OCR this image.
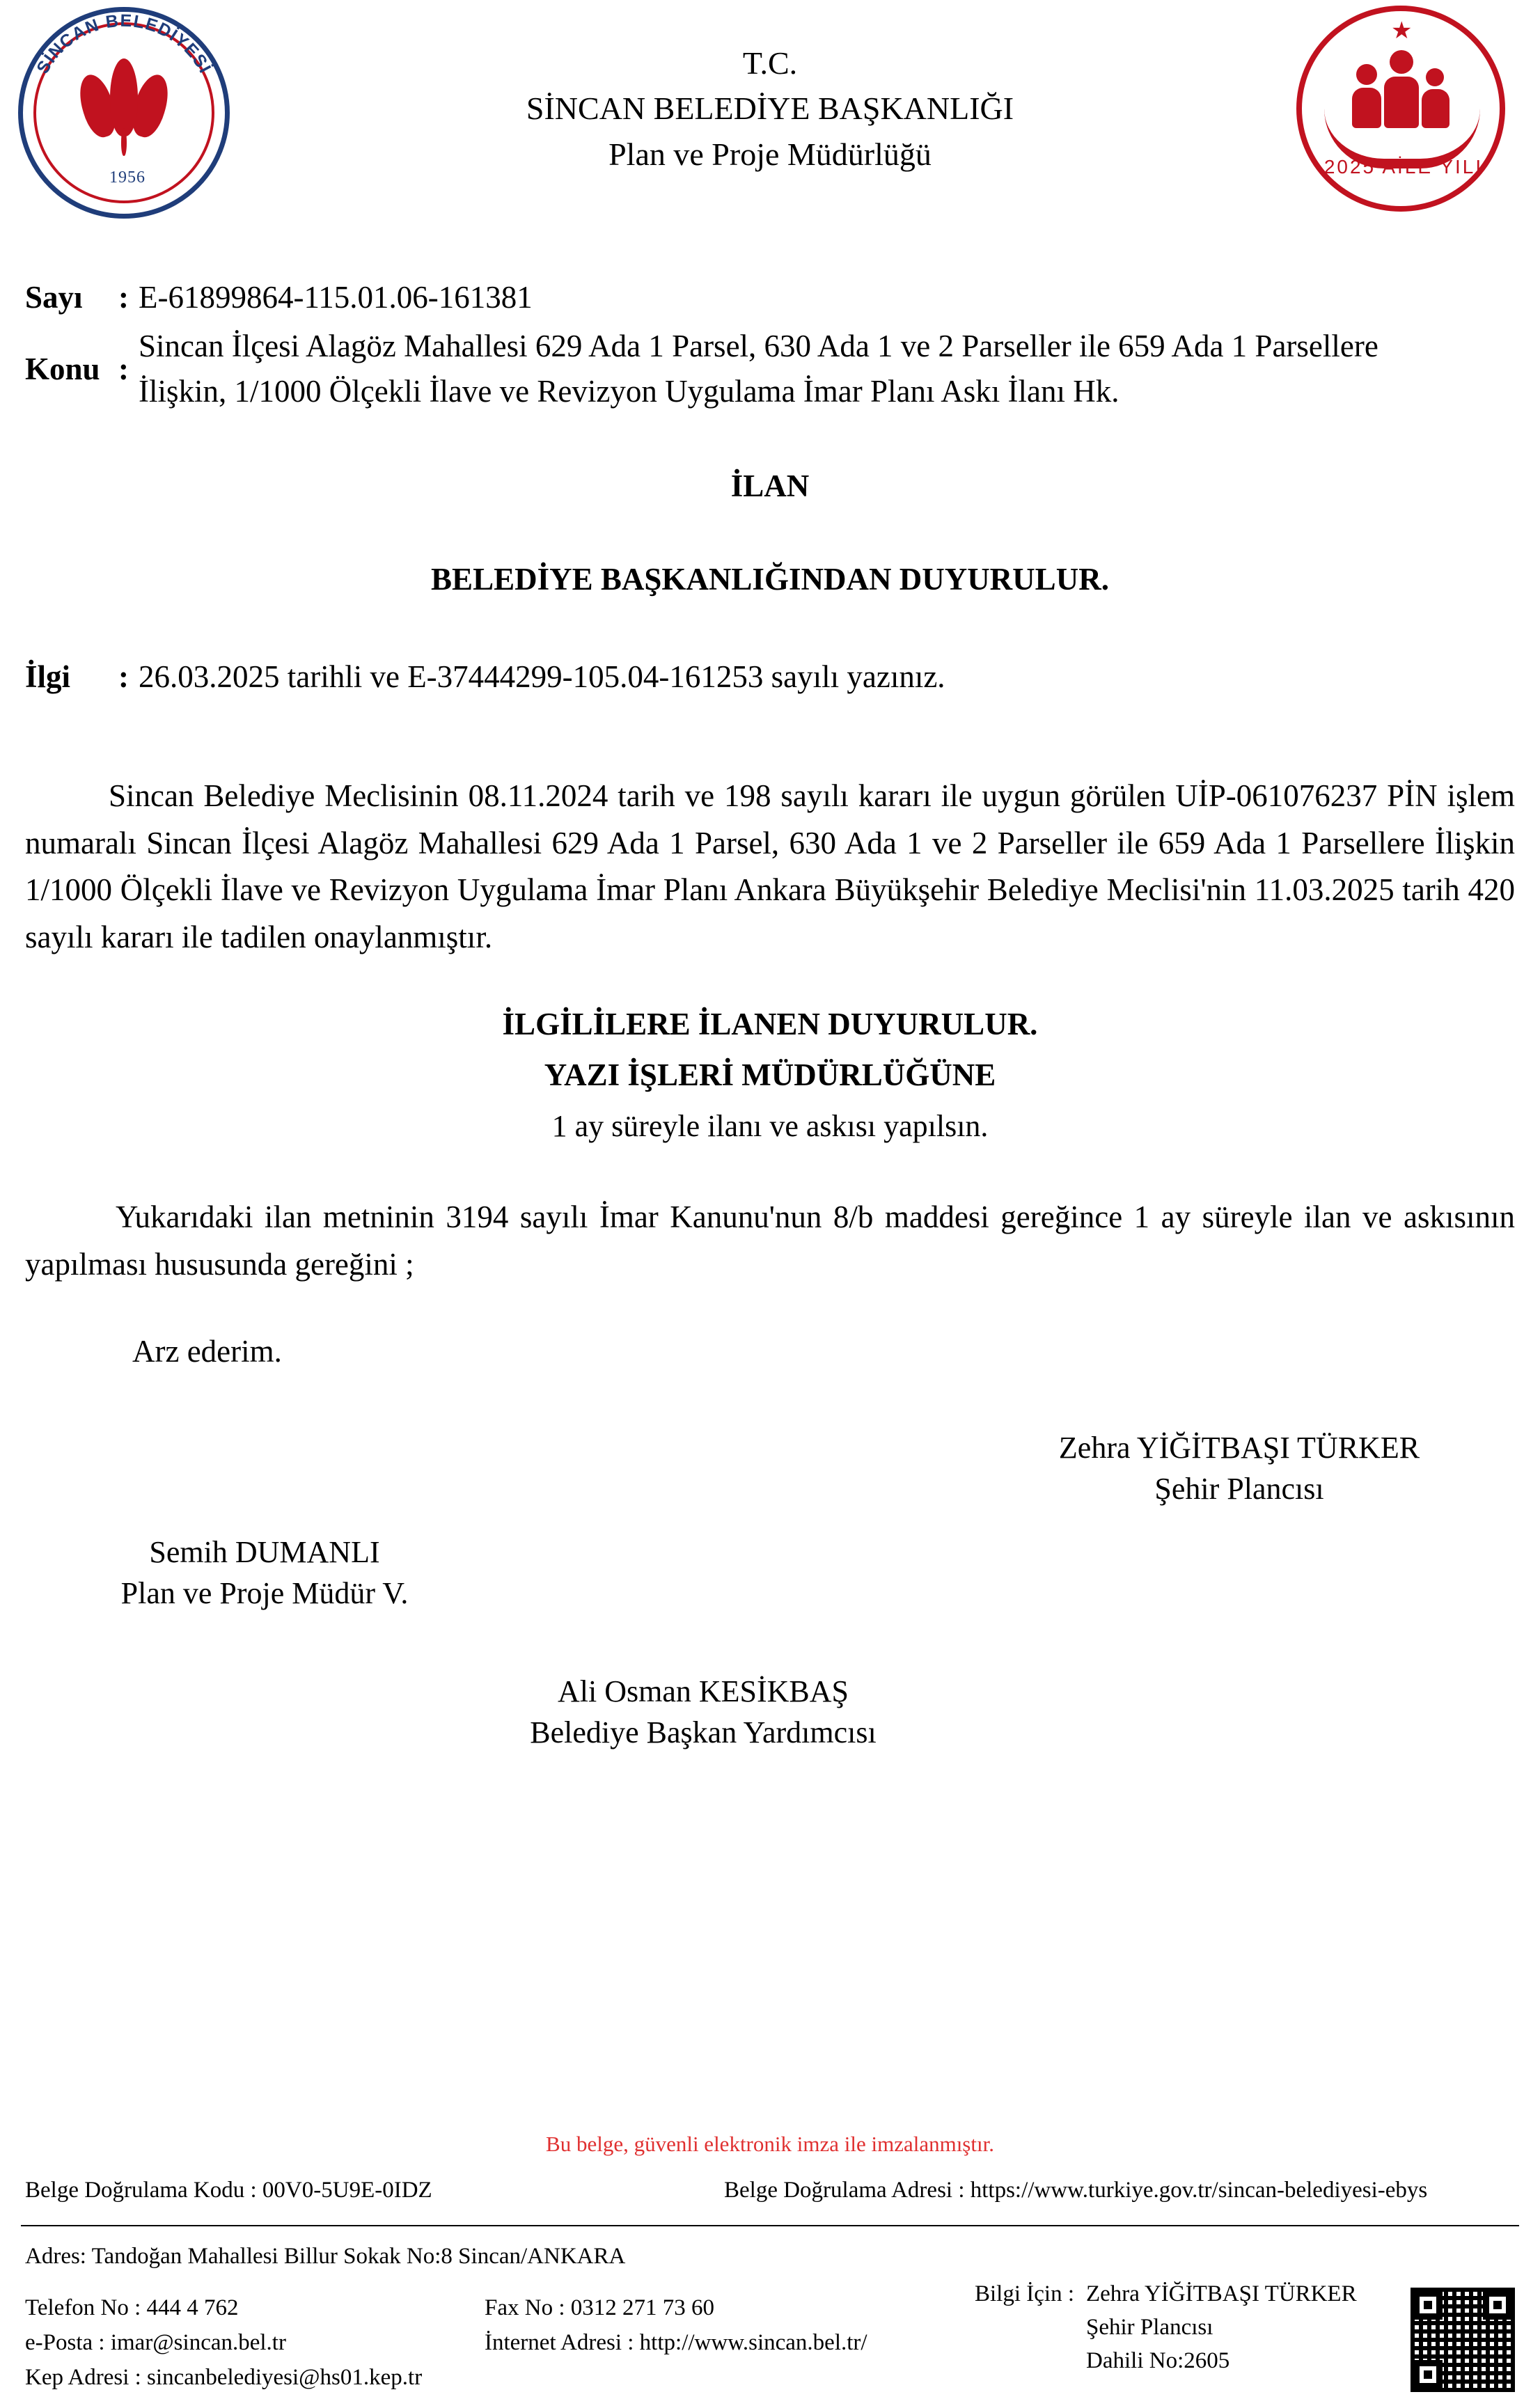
SİNCAN BELEDİYESİ
1956
T.C.
SİNCAN BELEDİYE BAŞKANLIĞI
Plan ve Proje Müdürlüğü
★
2025 AİLE YILI
Sayı	: E-61899864-115.01.06-161381
Konu :
Sincan İlçesi Alagöz Mahallesi 629 Ada 1 Parsel, 630 Ada 1 ve 2 Parseller ile 659 Ada 1 Parsellere İlişkin, 1/1000 Ölçekli İlave ve Revizyon Uygulama İmar Planı Askı İlanı Hk.
İLAN
BELEDİYE BAŞKANLIĞINDAN DUYURULUR.
İlgi	: 26.03.2025 tarihli ve E-37444299-105.04-161253 sayılı yazınız.
Sincan Belediye Meclisinin 08.11.2024 tarih ve 198 sayılı kararı ile uygun görülen UİP-061076237 PİN işlem numaralı Sincan İlçesi Alagöz Mahallesi 629 Ada 1 Parsel, 630 Ada 1 ve 2 Parseller ile 659 Ada 1 Parsellere İlişkin 1/1000 Ölçekli İlave ve Revizyon Uygulama İmar Planı Ankara Büyükşehir Belediye Meclisi'nin 11.03.2025 tarih 420 sayılı kararı ile tadilen onaylanmıştır.
İLGİLİLERE İLANEN DUYURULUR.
YAZI İŞLERİ MÜDÜRLÜĞÜNE
1 ay süreyle ilanı ve askısı yapılsın.
Yukarıdaki ilan metninin 3194 sayılı İmar Kanunu'nun 8/b maddesi gereğince 1 ay süreyle ilan ve askısının yapılması hususunda gereğini ;
Arz ederim.
Zehra YİĞİTBAŞI TÜRKER
Şehir Plancısı
Semih DUMANLI
Plan ve Proje Müdür V.
Ali Osman KESİKBAŞ
Belediye Başkan Yardımcısı
Bu belge, güvenli elektronik imza ile imzalanmıştır.
Belge Doğrulama Kodu : 00V0-5U9E-0IDZ	Belge Doğrulama Adresi : https://www.turkiye.gov.tr/sincan-belediyesi-ebys
Adres: Tandoğan Mahallesi Billur Sokak No:8 Sincan/ANKARA
Telefon No : 444 4 762	Fax No : 0312 271 73 60
e-Posta : imar@sincan.bel.tr	İnternet Adresi : http://www.sincan.bel.tr/
Kep Adresi : sincanbelediyesi@hs01.kep.tr
Bilgi İçin : Zehra YİĞİTBAŞI TÜRKER
Şehir Plancısı
Dahili No:2605
